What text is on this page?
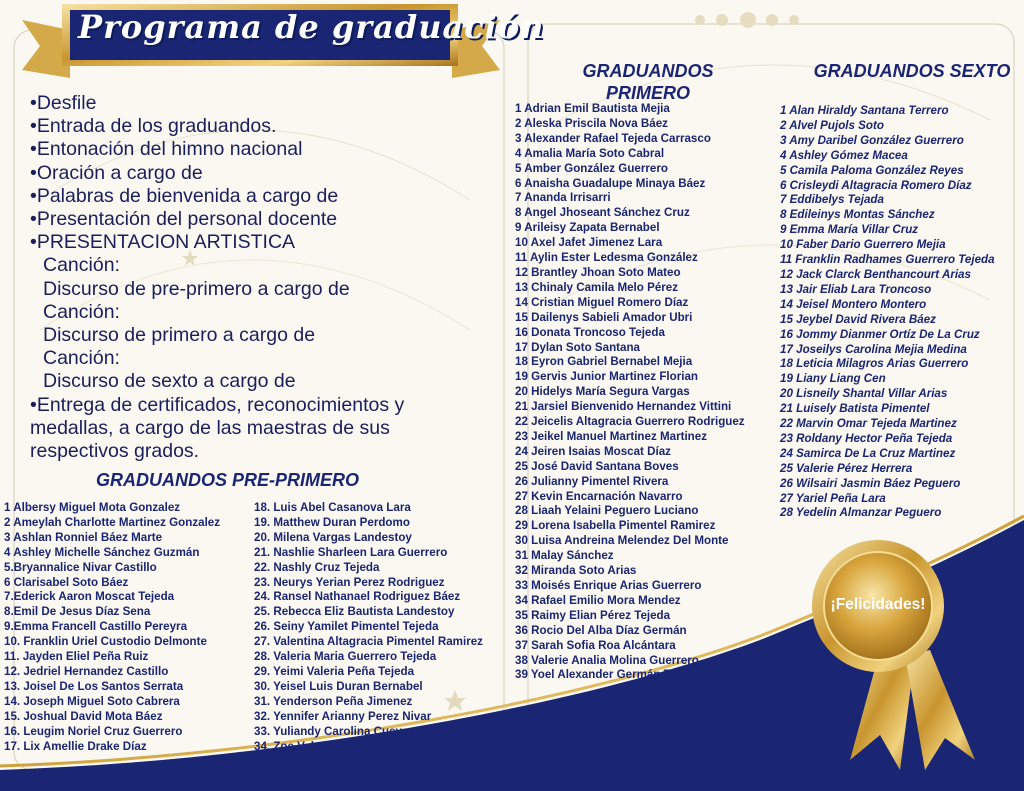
Programa de graduación
•Desfile
•Entrada de los graduandos.
•Entonación del himno nacional
•Oración a cargo de
•Palabras de bienvenida a cargo de
•Presentación del personal docente
•PRESENTACION ARTISTICA
Canción:
Discurso de pre-primero a cargo de
Canción:
Discurso de primero a cargo de
Canción:
Discurso de sexto a cargo de
•Entrega de certificados, reconocimientos y medallas, a cargo de las maestras de sus respectivos grados.
GRADUANDOS PRE-PRIMERO
1 Albersy Miguel Mota Gonzalez
2 Ameylah Charlotte Martinez Gonzalez
3 Ashlan Ronniel Báez Marte
4 Ashley Michelle Sánchez Guzmán
5.Bryannalice Nivar Castillo
6 Clarisabel Soto Báez
7.Ederick Aaron Moscat Tejeda
8.Emil De Jesus Díaz Sena
9.Emma Francell Castillo Pereyra
10. Franklin Uriel Custodio Delmonte
11. Jayden Eliel Peña Ruiz
12. Jedriel Hernandez Castillo
13. Joisel De Los Santos Serrata
14. Joseph Miguel Soto Cabrera
15. Joshual David Mota Báez
16. Leugim Noriel Cruz Guerrero
17. Lix Amellie Drake Díaz
18. Luis Abel Casanova Lara
19. Matthew Duran Perdomo
20. Milena Vargas Landestoy
21. Nashlie Sharleen Lara Guerrero
22. Nashly Cruz Tejeda
23. Neurys Yerian Perez Rodriguez
24. Ransel Nathanael Rodriguez Báez
25. Rebecca Eliz Bautista Landestoy
26. Seiny Yamilet Pimentel Tejeda
27. Valentina Altagracia Pimentel Ramirez
28. Valeria Maria Guerrero Tejeda
29. Yeimi Valeria Peña Tejeda
30. Yeisel Luis Duran Bernabel
31. Yenderson Peña Jimenez
32. Yennifer Arianny Perez Nivar
33. Yuliandy Carolina Cuevas Caro
34. Zoe Valentina Brea Mejia
GRADUANDOS PRIMERO
1 Adrian Emil Bautista Mejia
2 Aleska Priscila Nova Báez
3 Alexander Rafael Tejeda Carrasco
4 Amalia María Soto Cabral
5 Amber González Guerrero
6 Anaisha Guadalupe Minaya Báez
7 Ananda Irrisarri
8 Angel Jhoseant Sánchez Cruz
9 Arileisy Zapata Bernabel
10 Axel Jafet Jimenez Lara
11 Aylin Ester Ledesma González
12 Brantley Jhoan Soto Mateo
13 Chinaly Camila Melo Pérez
14 Cristian Miguel Romero Díaz
15 Dailenys Sabieli Amador Ubri
16 Donata Troncoso Tejeda
17 Dylan Soto Santana
18 Eyron Gabriel Bernabel Mejia
19 Gervis Junior Martinez Florian
20 Hidelys María Segura Vargas
21 Jarsiel Bienvenido Hernandez Vittini
22 Jeicelis Altagracia Guerrero Rodriguez
23 Jeikel Manuel Martinez Martinez
24 Jeiren Isaias Moscat Díaz
25 José David Santana Boves
26 Julianny Pimentel Rivera
27 Kevin Encarnación Navarro
28 Liaah Yelaini Peguero Luciano
29 Lorena Isabella Pimentel Ramirez
30 Luisa Andreina Melendez Del Monte
31 Malay Sánchez
32 Miranda Soto Arias
33 Moisés Enrique Arias Guerrero
34 Rafael Emilio Mora Mendez
35 Raimy Elian Pérez Tejeda
36 Rocio Del Alba Díaz Germán
37 Sarah Sofia Roa Alcántara
38 Valerie Analia Molina Guerrero
39 Yoel Alexander Germán Tejeda
GRADUANDOS SEXTO
1 Alan Hiraldy Santana Terrero
2 Alvel Pujols Soto
3 Amy Daribel González Guerrero
4 Ashley Gómez Macea
5 Camila Paloma González Reyes
6 Crisleydi Altagracia Romero Díaz
7 Eddibelys Tejada
8 Edileinys Montas Sánchez
9 Emma María Villar Cruz
10 Faber Dario Guerrero Mejia
11 Franklin Radhames Guerrero Tejeda
12 Jack Clarck Benthancourt Arias
13 Jair Eliab Lara Troncoso
14 Jeisel Montero Montero
15 Jeybel David Rivera Báez
16 Jommy Dianmer Ortíz De La Cruz
17 Joseilys Carolina Mejia Medina
18 Leticia Milagros Arias Guerrero
19 Liany Liang Cen
20 Lisneily Shantal Villar Arias
21 Luisely Batista Pimentel
22 Marvin Omar Tejeda Martinez
23 Roldany Hector Peña Tejeda
24 Samirca De La Cruz Martinez
25 Valerie Pérez Herrera
26 Wilsairi Jasmin Báez Peguero
27 Yariel Peña Lara
28 Yedelin Almanzar Peguero
¡Felicidades!
